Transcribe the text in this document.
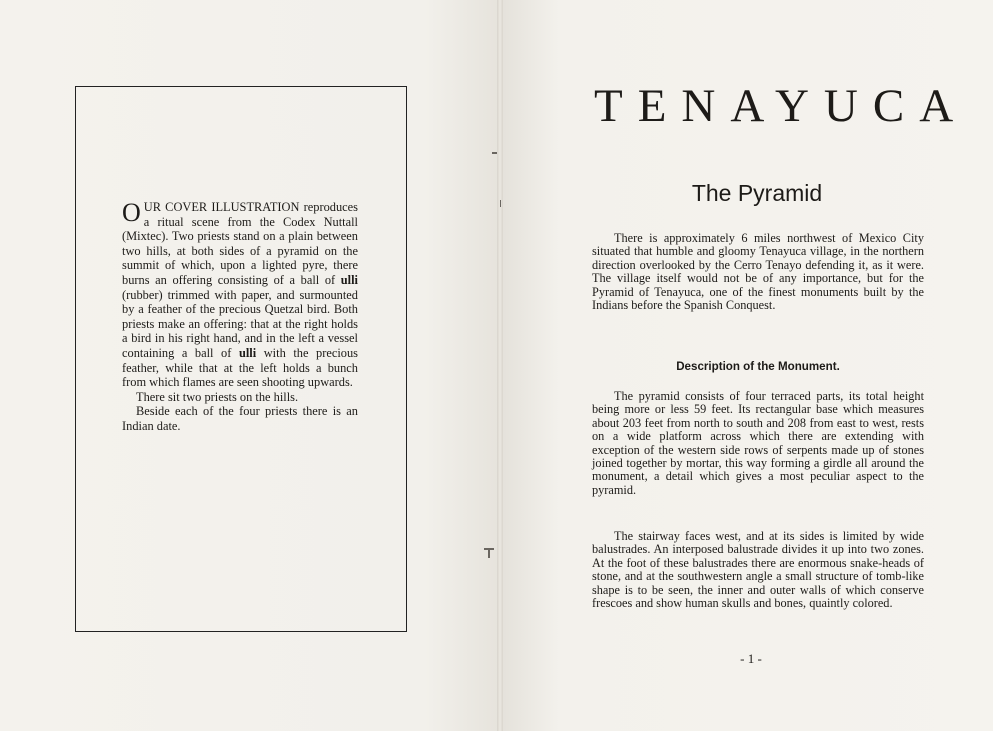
OUR COVER ILLUSTRATION reproduces a ritual scene from the Codex Nuttall (Mixtec). Two priests stand on a plain between two hills, at both sides of a pyramid on the summit of which, upon a lighted pyre, there burns an offering consisting of a ball of ulli (rubber) trimmed with paper, and surmounted by a feather of the precious Quetzal bird. Both priests make an offering: that at the right holds a bird in his right hand, and in the left a vessel containing a ball of ulli with the precious feather, while that at the left holds a bunch from which flames are seen shooting upwards.

There sit two priests on the hills.

Beside each of the four priests there is an Indian date.

TENAYUCA
The Pyramid

There is approximately 6 miles northwest of Mexico City situated that humble and gloomy Tenayuca village, in the northern direction overlooked by the Cerro Tenayo defending it, as it were. The village itself would not be of any importance, but for the Pyramid of Tenayuca, one of the finest monuments built by the Indians before the Spanish Conquest.

Description of the Monument.

The pyramid consists of four terraced parts, its total height being more or less 59 feet. Its rectangular base which measures about 203 feet from north to south and 208 from east to west, rests on a wide platform across which there are extending with exception of the western side rows of serpents made up of stones joined together by mortar, this way forming a girdle all around the monument, a detail which gives a most peculiar aspect to the pyramid.

The stairway faces west, and at its sides is limited by wide balustrades. An interposed balustrade divides it up into two zones. At the foot of these balustrades there are enormous snake-heads of stone, and at the southwestern angle a small structure of tomb-like shape is to be seen, the inner and outer walls of which conserve frescoes and show human skulls and bones, quaintly colored.

- 1 -
